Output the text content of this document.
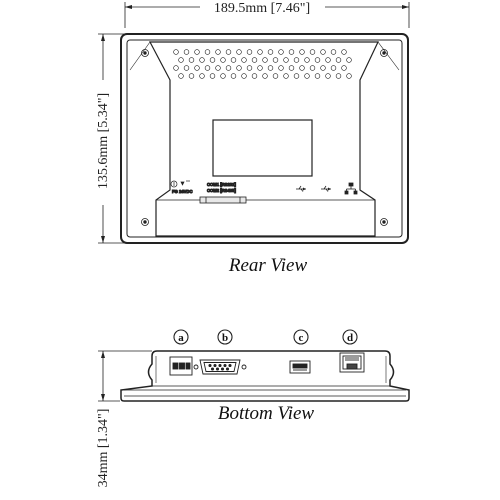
FG 24VDC
COM1 [RS232]
COM2 [RS485]
Rear View
a	b	c	d
Bottom View
189.5mm [7.46"]
135.6mm [5.34"]
34mm [1.34"]
